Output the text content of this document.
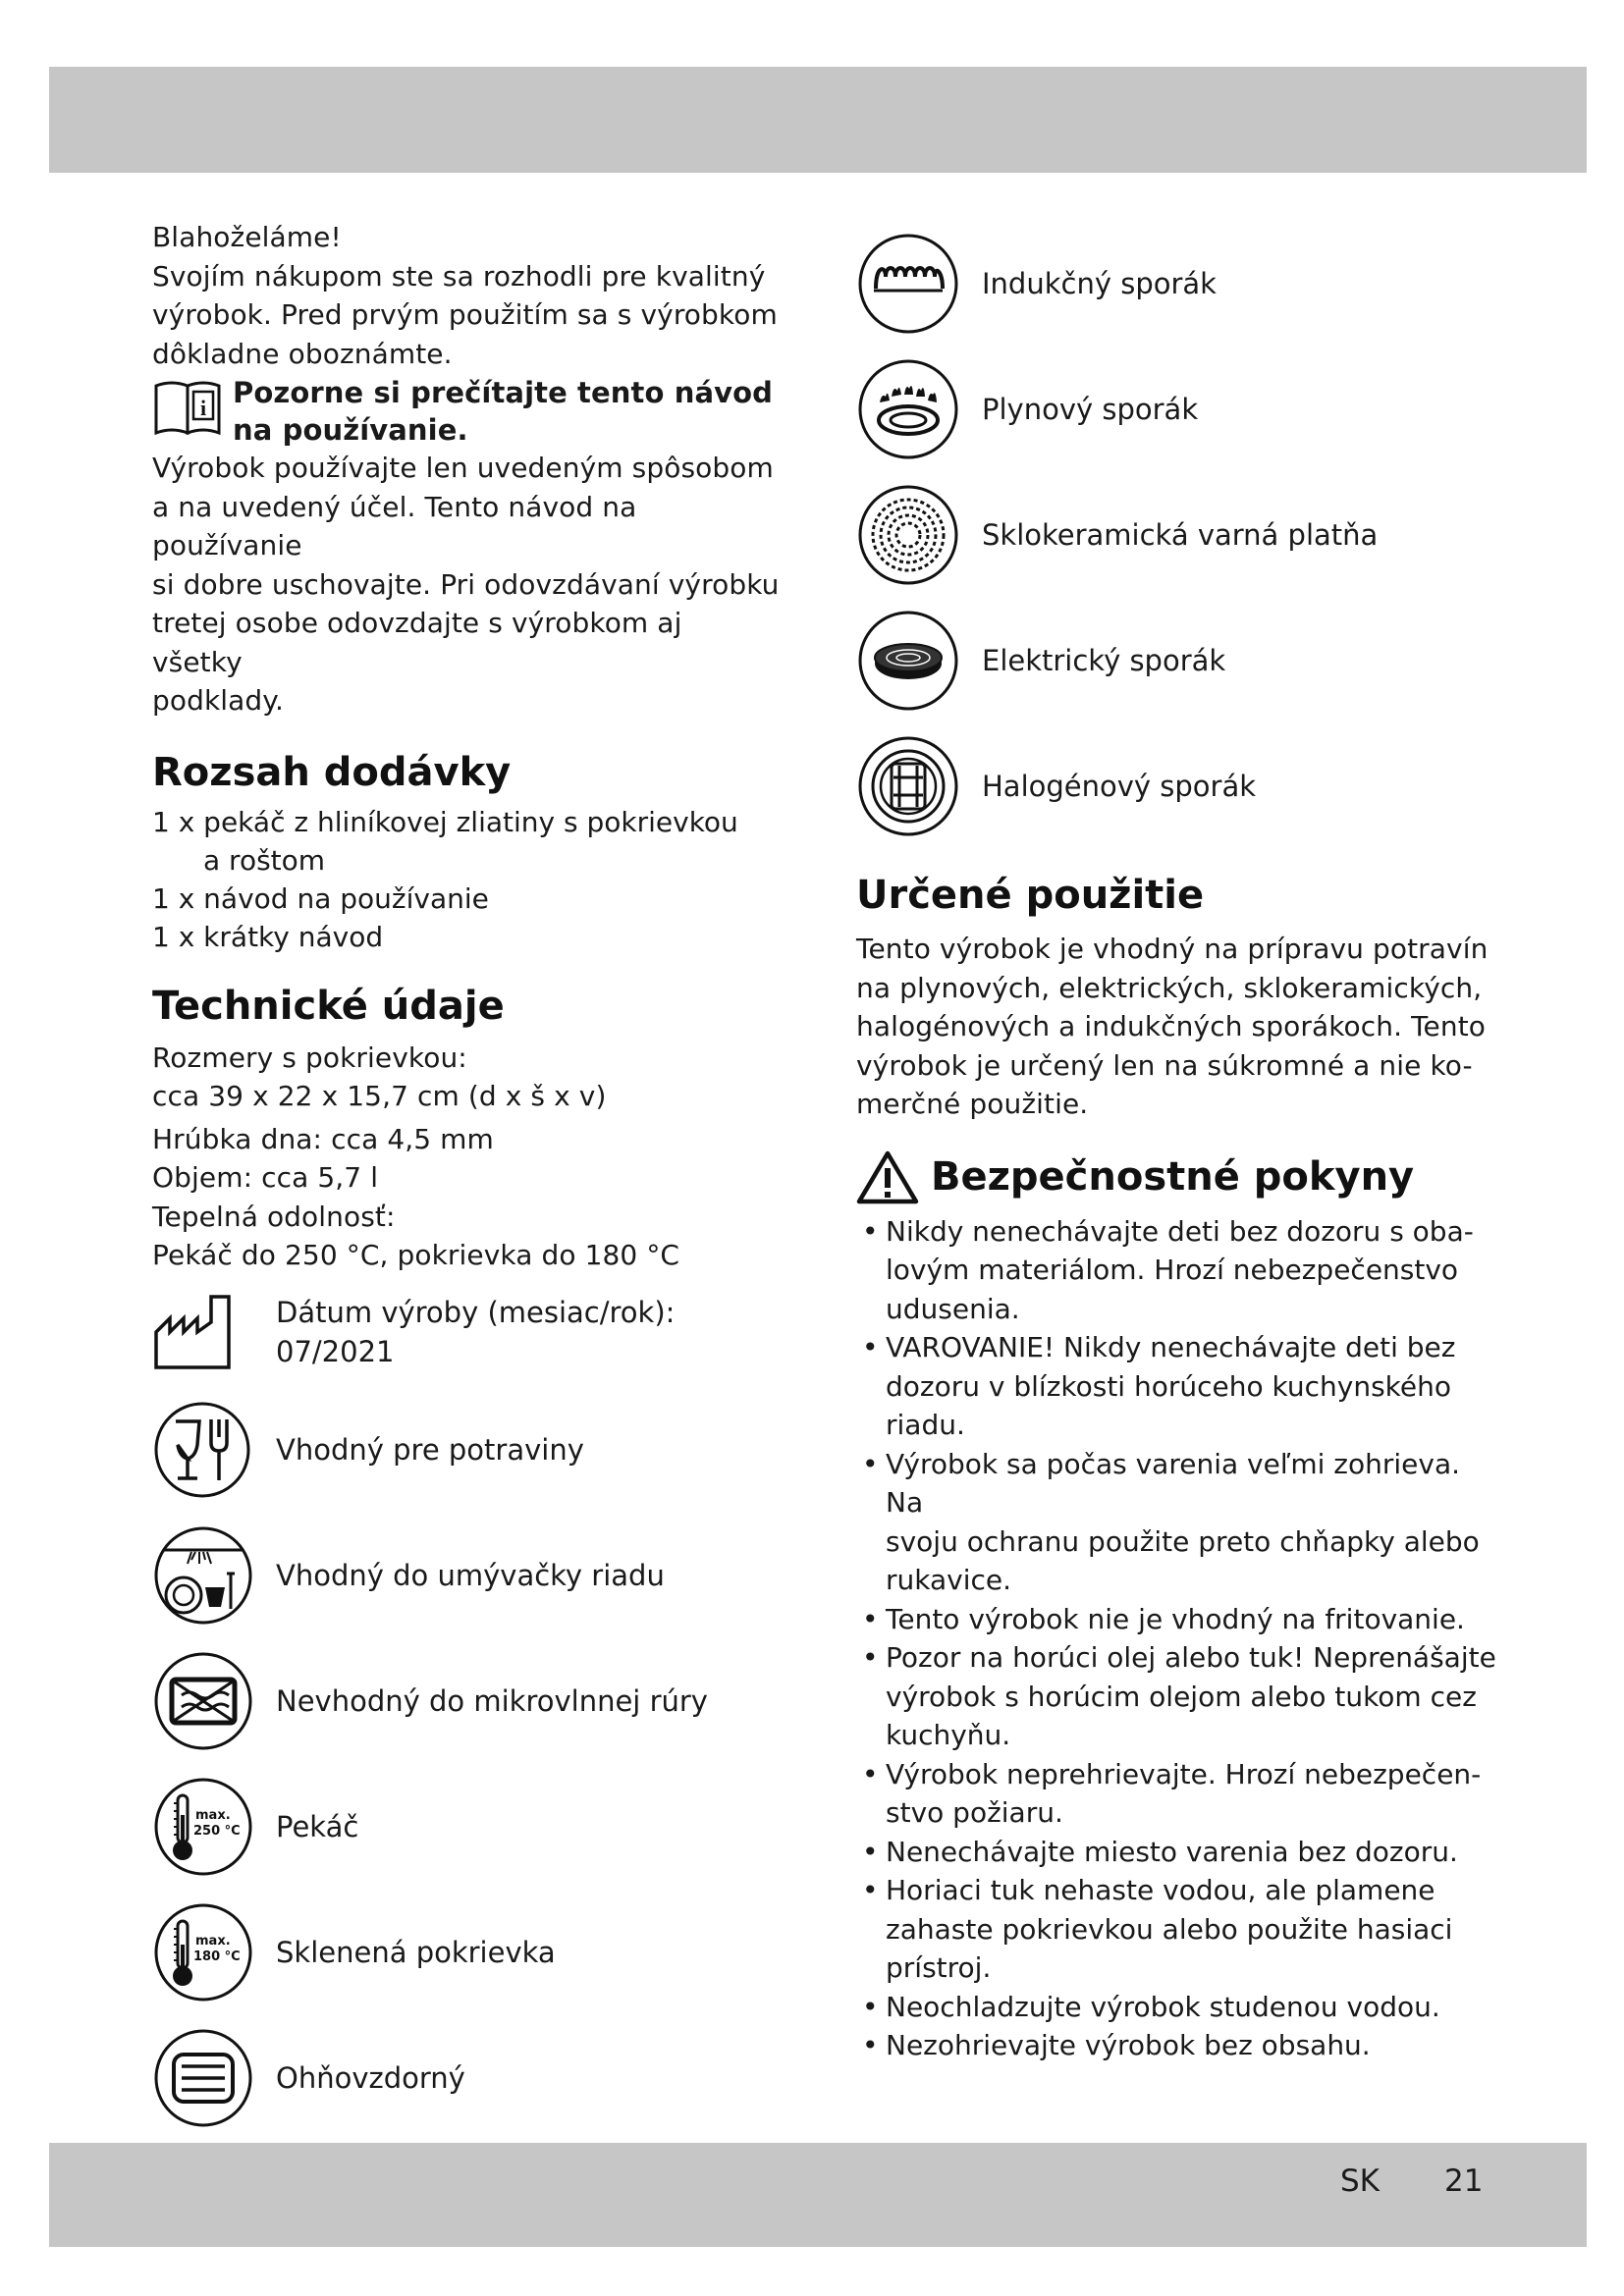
Blahoželáme!

Svojím nákupom ste sa rozhodli pre kvalitný

výrobok. Pred prvým použitím sa s výrobkom

dôkladne oboznámte.

i Pozorne si prečítajte tento návod

na používanie.

Výrobok používajte len uvedeným spôsobom

a na uvedený účel. Tento návod na používanie

si dobre uschovajte. Pri odovzdávaní výrobku

tretej osobe odovzdajte s výrobkom aj všetky

podklady.

Rozsah dodávky
1 x pekáč z hliníkovej zliatiny s pokrievkou
a roštom
1 x návod na používanie
1 x krátky návod
Technické údaje

Rozmery s pokrievkou:

cca 39 x 22 x 15,7 cm (d x š x v)

Hrúbka dna: cca 4,5 mm

Objem: cca 5,7 l

Tepelná odolnosť:

Pekáč do 250 °C, pokrievka do 180 °C

Dátum výroby (mesiac/rok):
07/2021
Vhodný pre potraviny
Vhodný do umývačky riadu
Nevhodný do mikrovlnnej rúry
max.
250 °C Pekáč
max.
180 °C Sklenená pokrievka
Ohňovzdorný
Indukčný sporák
Plynový sporák
Sklokeramická varná platňa
Elektrický sporák
Halogénový sporák
Určené použitie

Tento výrobok je vhodný na prípravu potravín

na plynových, elektrických, sklokeramických,

halogénových a indukčných sporákoch. Tento

výrobok je určený len na súkromné a nie ko-

merčné použitie.

Bezpečnostné pokyny
• Nikdy nenechávajte deti bez dozoru s oba-
lovým materiálom. Hrozí nebezpečenstvo
udusenia.
• VAROVANIE! Nikdy nenechávajte deti bez
dozoru v blízkosti horúceho kuchynského
riadu.
• Výrobok sa počas varenia veľmi zohrieva. Na
svoju ochranu použite preto chňapky alebo
rukavice.
• Tento výrobok nie je vhodný na fritovanie.
• Pozor na horúci olej alebo tuk! Neprenášajte
výrobok s horúcim olejom alebo tukom cez
kuchyňu.
• Výrobok neprehrievajte. Hrozí nebezpečen-
stvo požiaru.
• Nenechávajte miesto varenia bez dozoru.
• Horiaci tuk nehaste vodou, ale plamene
zahaste pokrievkou alebo použite hasiaci
prístroj.
• Neochladzujte výrobok studenou vodou.
• Nezohrievajte výrobok bez obsahu.
SK 21
